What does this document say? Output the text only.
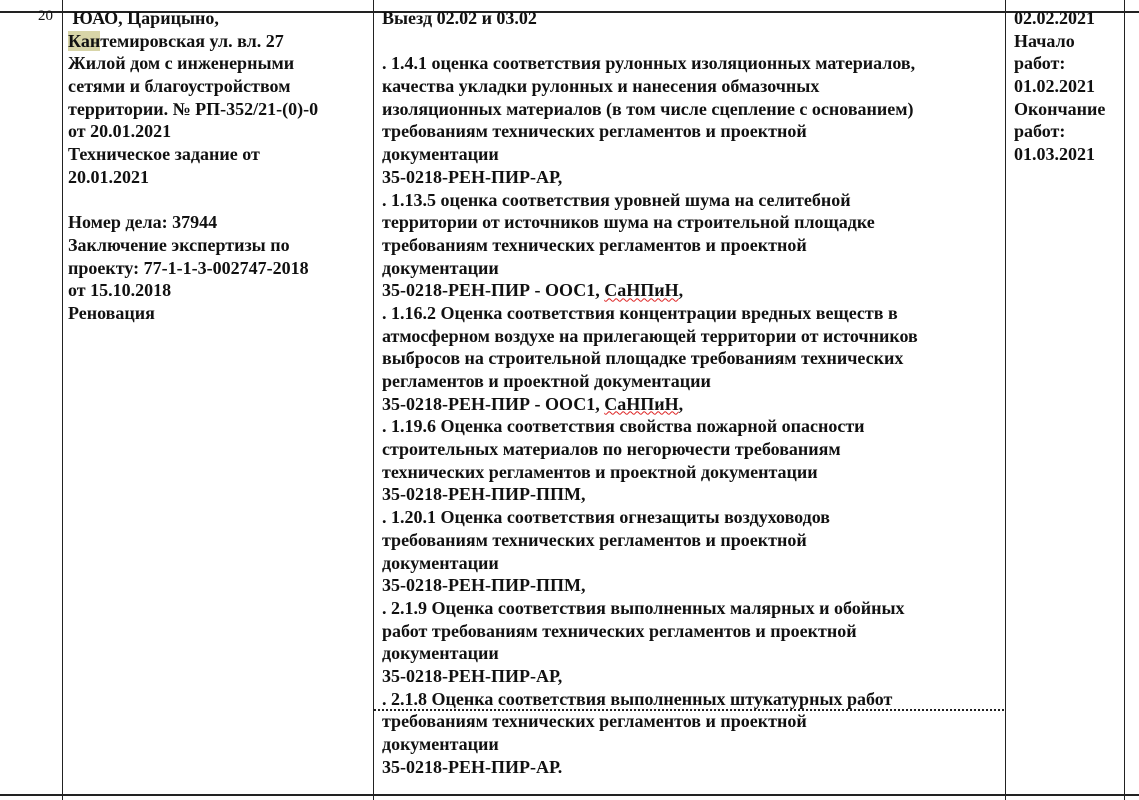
20 ЮАО, Царицыно,
Кантемировская ул. вл. 27
Жилой дом с инженерными
сетями и благоустройством
территории. № РП-352/21-(0)-0
от 20.01.2021
Техническое задание от
20.01.2021
Номер дела: 37944
Заключение экспертизы по
проекту: 77-1-1-3-002747-2018
от 15.10.2018
Реновация
Выезд 02.02 и 03.02
. 1.4.1 оценка соответствия рулонных изоляционных материалов,
качества укладки рулонных и нанесения обмазочных
изоляционных материалов (в том числе сцепление с основанием)
требованиям технических регламентов и проектной
документации
35-0218-РЕН-ПИР-АР,
. 1.13.5 оценка соответствия уровней шума на селитебной
территории от источников шума на строительной площадке
требованиям технических регламентов и проектной
документации
35-0218-РЕН-ПИР - ООС1, СаНПиН,
. 1.16.2 Оценка соответствия концентрации вредных веществ в
атмосферном воздухе на прилегающей территории от источников
выбросов на строительной площадке требованиям технических
регламентов и проектной документации
35-0218-РЕН-ПИР - ООС1, СаНПиН,
. 1.19.6 Оценка соответствия свойства пожарной опасности
строительных материалов по негорючести требованиям
технических регламентов и проектной документации
35-0218-РЕН-ПИР-ППМ,
. 1.20.1 Оценка соответствия огнезащиты воздуховодов
требованиям технических регламентов и проектной
документации
35-0218-РЕН-ПИР-ППМ,
. 2.1.9 Оценка соответствия выполненных малярных и обойных
работ требованиям технических регламентов и проектной
документации
35-0218-РЕН-ПИР-АР,
. 2.1.8 Оценка соответствия выполненных штукатурных работ
требованиям технических регламентов и проектной
документации
35-0218-РЕН-ПИР-АР.
02.02.2021
Начало
работ:
01.02.2021
Окончание
работ:
01.03.2021
